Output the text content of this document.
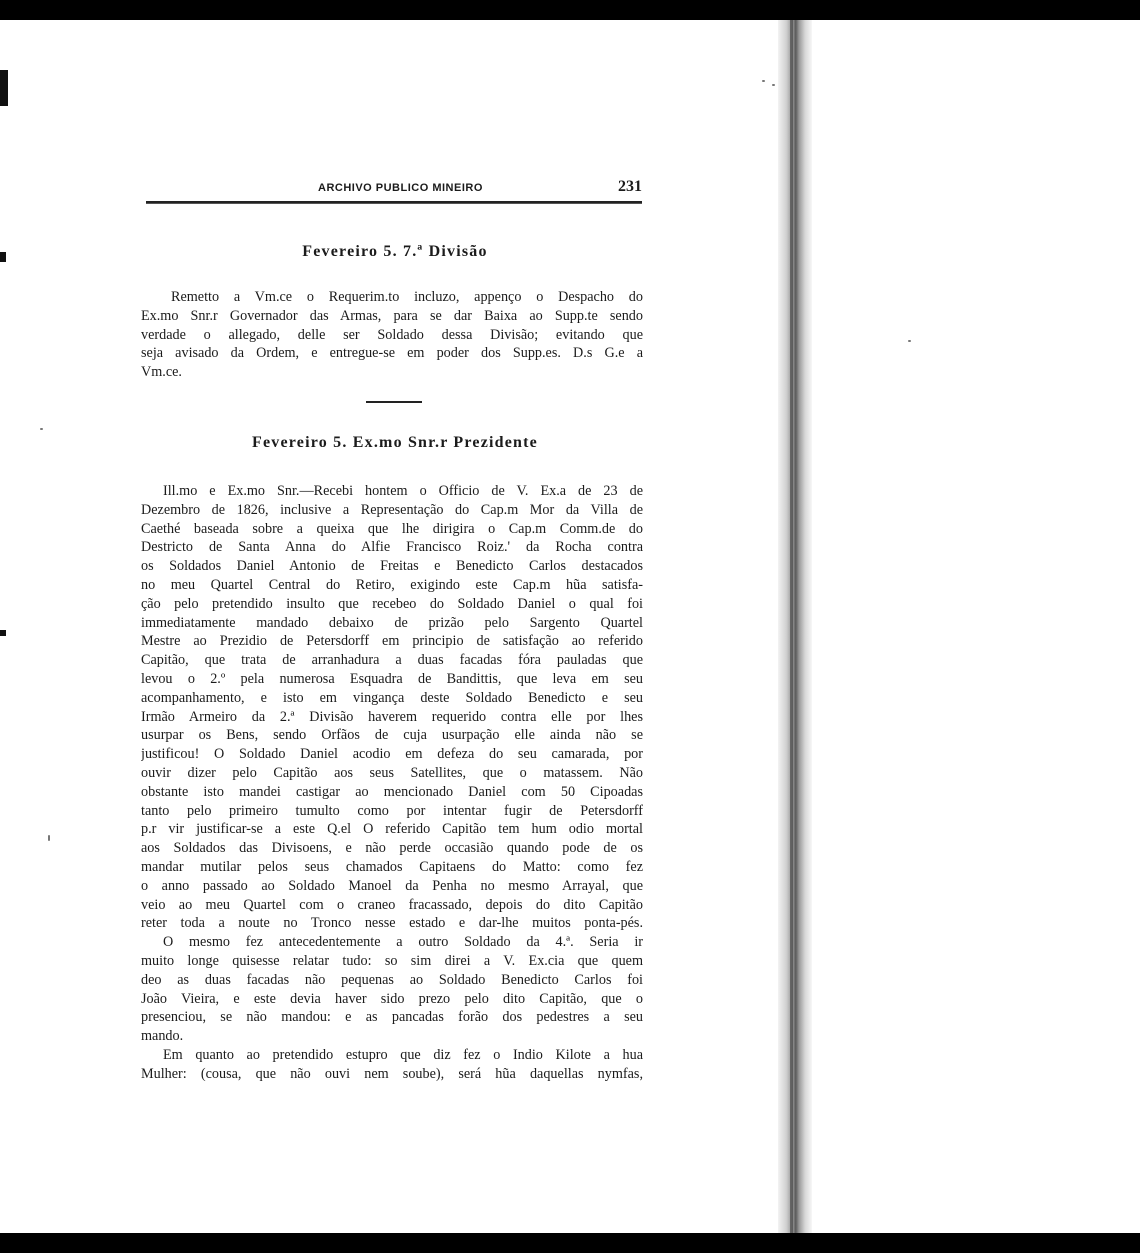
ARCHIVO PUBLICO MINEIRO	231
Fevereiro 5. 7.ª Divisão
Remetto a Vm.ce o Requerim.to incluzo, appenço o Despacho do
Ex.mo Snr.r Governador das Armas, para se dar Baixa ao Supp.te sendo
verdade o allegado, delle ser Soldado dessa Divisão; evitando que
seja avisado da Ordem, e entregue-se em poder dos Supp.es. D.s G.e a
Vm.ce.
Fevereiro 5. Ex.mo Snr.r Prezidente
Ill.mo e Ex.mo Snr.—Recebi hontem o Officio de V. Ex.a de 23 de
Dezembro de 1826, inclusive a Representação do Cap.m Mor da Villa de
Caethé baseada sobre a queixa que lhe dirigira o Cap.m Comm.de do
Destricto de Santa Anna do Alfie Francisco Roiz.' da Rocha contra
os Soldados Daniel Antonio de Freitas e Benedicto Carlos destacados
no meu Quartel Central do Retiro, exigindo este Cap.m hũa satisfa-
ção pelo pretendido insulto que recebeo do Soldado Daniel o qual foi
immediatamente mandado debaixo de prizão pelo Sargento Quartel
Mestre ao Prezidio de Petersdorff em principio de satisfação ao referido
Capitão, que trata de arranhadura a duas facadas fóra pauladas que
levou o 2.º pela numerosa Esquadra de Bandittis, que leva em seu
acompanhamento, e isto em vingança deste Soldado Benedicto e seu
Irmão Armeiro da 2.ª Divisão haverem requerido contra elle por lhes
usurpar os Bens, sendo Orfãos de cuja usurpação elle ainda não se
justificou! O Soldado Daniel acodio em defeza do seu camarada, por
ouvir dizer pelo Capitão aos seus Satellites, que o matassem. Não
obstante isto mandei castigar ao mencionado Daniel com 50 Cipoadas
tanto pelo primeiro tumulto como por intentar fugir de Petersdorff
p.r vir justificar-se a este Q.el O referido Capitão tem hum odio mortal
aos Soldados das Divisoens, e não perde occasião quando pode de os
mandar mutilar pelos seus chamados Capitaens do Matto: como fez
o anno passado ao Soldado Manoel da Penha no mesmo Arrayal, que
veio ao meu Quartel com o craneo fracassado, depois do dito Capitão
reter toda a noute no Tronco nesse estado e dar-lhe muitos ponta-pés.
O mesmo fez antecedentemente a outro Soldado da 4.ª. Seria ir
muito longe quisesse relatar tudo: so sim direi a V. Ex.cia que quem
deo as duas facadas não pequenas ao Soldado Benedicto Carlos foi
João Vieira, e este devia haver sido prezo pelo dito Capitão, que o
presenciou, se não mandou: e as pancadas forão dos pedestres a seu
mando.
Em quanto ao pretendido estupro que diz fez o Indio Kilote a hua
Mulher: (cousa, que não ouvi nem soube), será hũa daquellas nymfas,
